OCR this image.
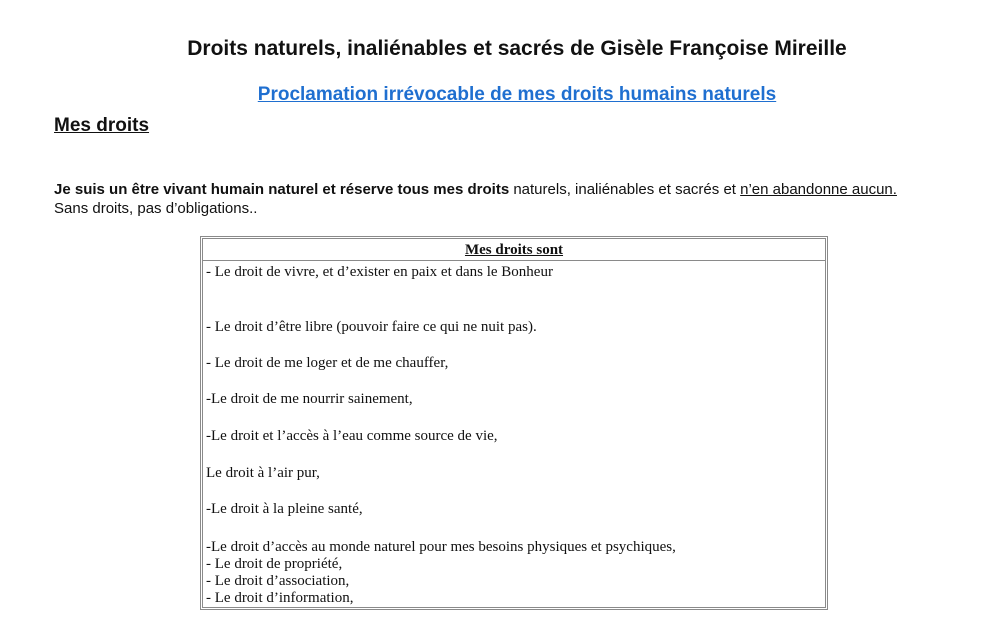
Droits naturels, inaliénables et sacrés de Gisèle Françoise Mireille
Proclamation irrévocable de mes droits humains naturels
Mes droits
Je suis un être vivant humain naturel et réserve tous mes droits naturels, inaliénables et sacrés et n’en abandonne aucun.
Sans droits, pas d’obligations..
Mes droits sont
- Le droit de vivre, et d’exister en paix et dans le Bonheur
- Le droit d’être libre (pouvoir faire ce qui ne nuit pas).
- Le droit de me loger et de me chauffer,
-Le droit de me nourrir sainement,
-Le droit et l’accès à l’eau comme source de vie,
Le droit à l’air pur,
-Le droit à la pleine santé,
-Le droit d’accès au monde naturel pour mes besoins physiques et psychiques,
- Le droit de propriété,
- Le droit d’association,
- Le droit d’information,
